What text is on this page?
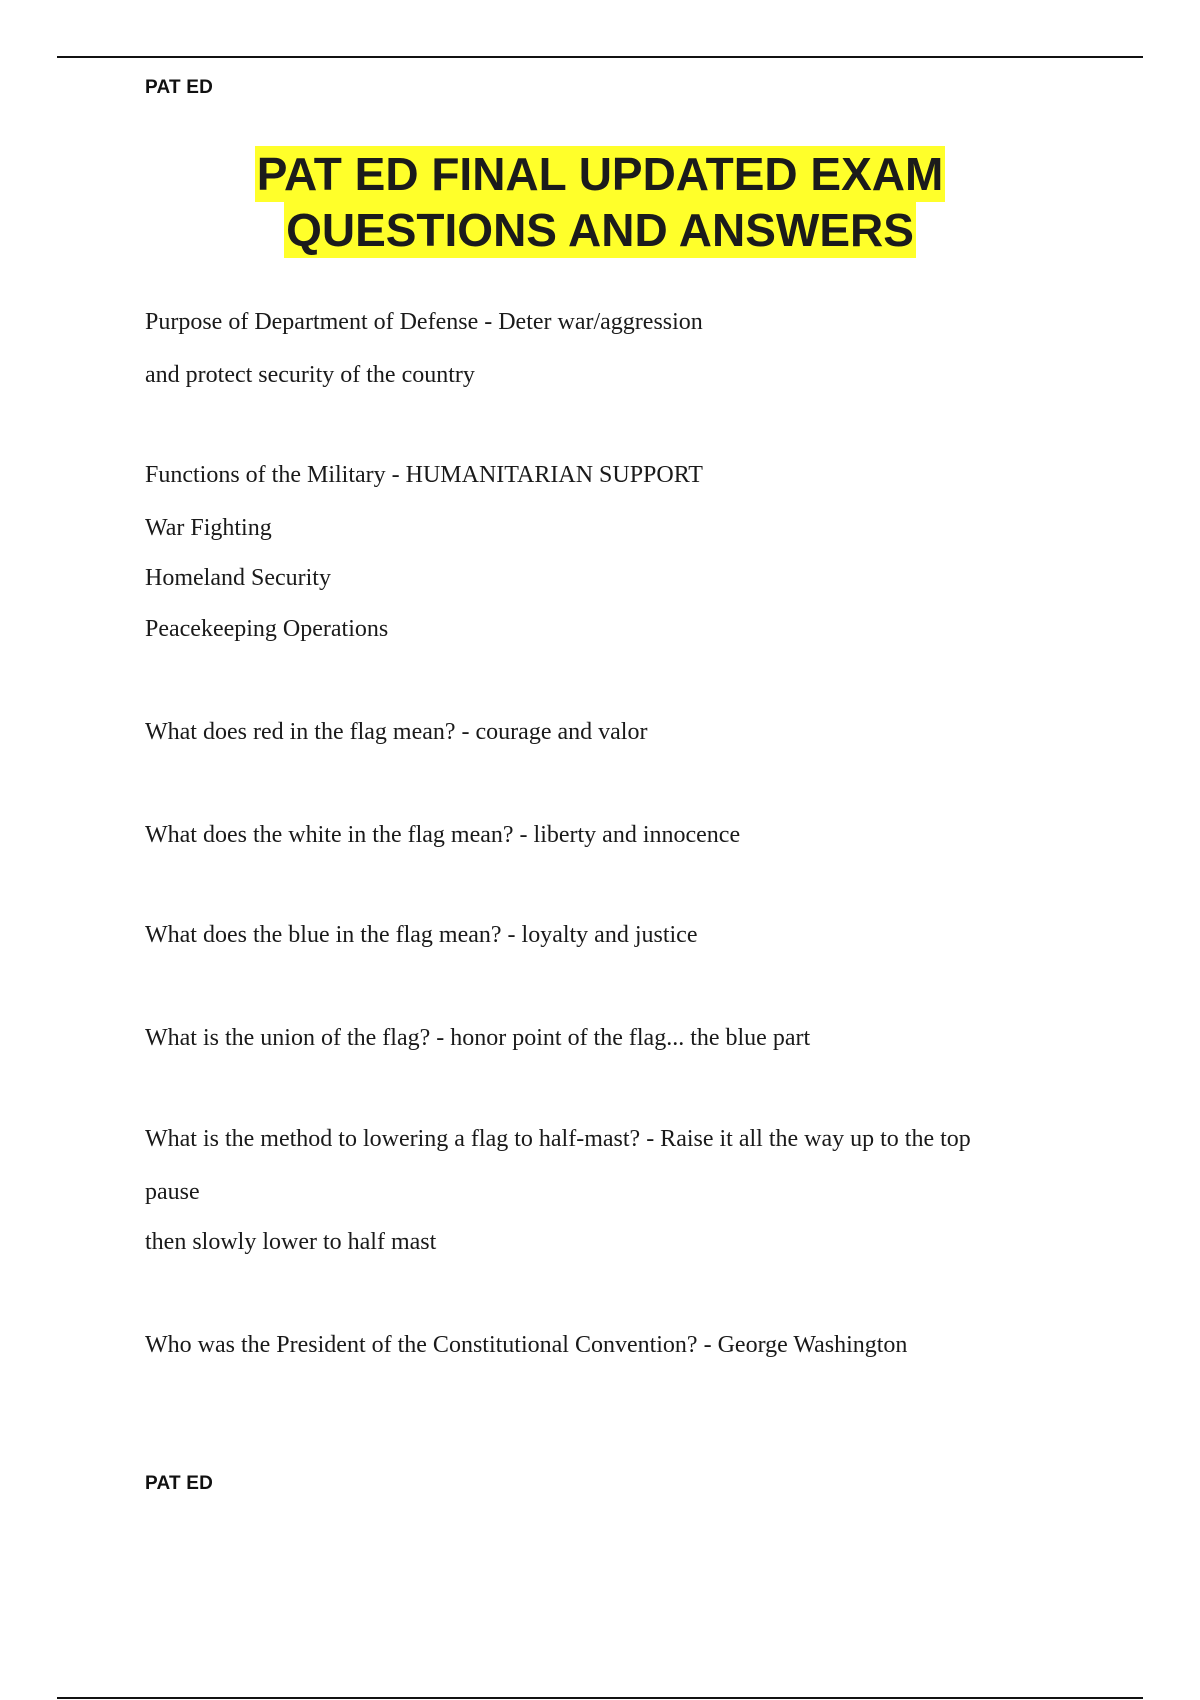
PAT ED
PAT ED FINAL UPDATED EXAM
QUESTIONS AND ANSWERS
Purpose of Department of Defense - Deter war/aggression
and protect security of the country
Functions of the Military - HUMANITARIAN SUPPORT
War Fighting
Homeland Security
Peacekeeping Operations
What does red in the flag mean? - courage and valor
What does the white in the flag mean? - liberty and innocence
What does the blue in the flag mean? - loyalty and justice
What is the union of the flag? - honor point of the flag... the blue part
What is the method to lowering a flag to half-mast? - Raise it all the way up to the top
pause
then slowly lower to half mast
Who was the President of the Constitutional Convention? - George Washington
PAT ED
